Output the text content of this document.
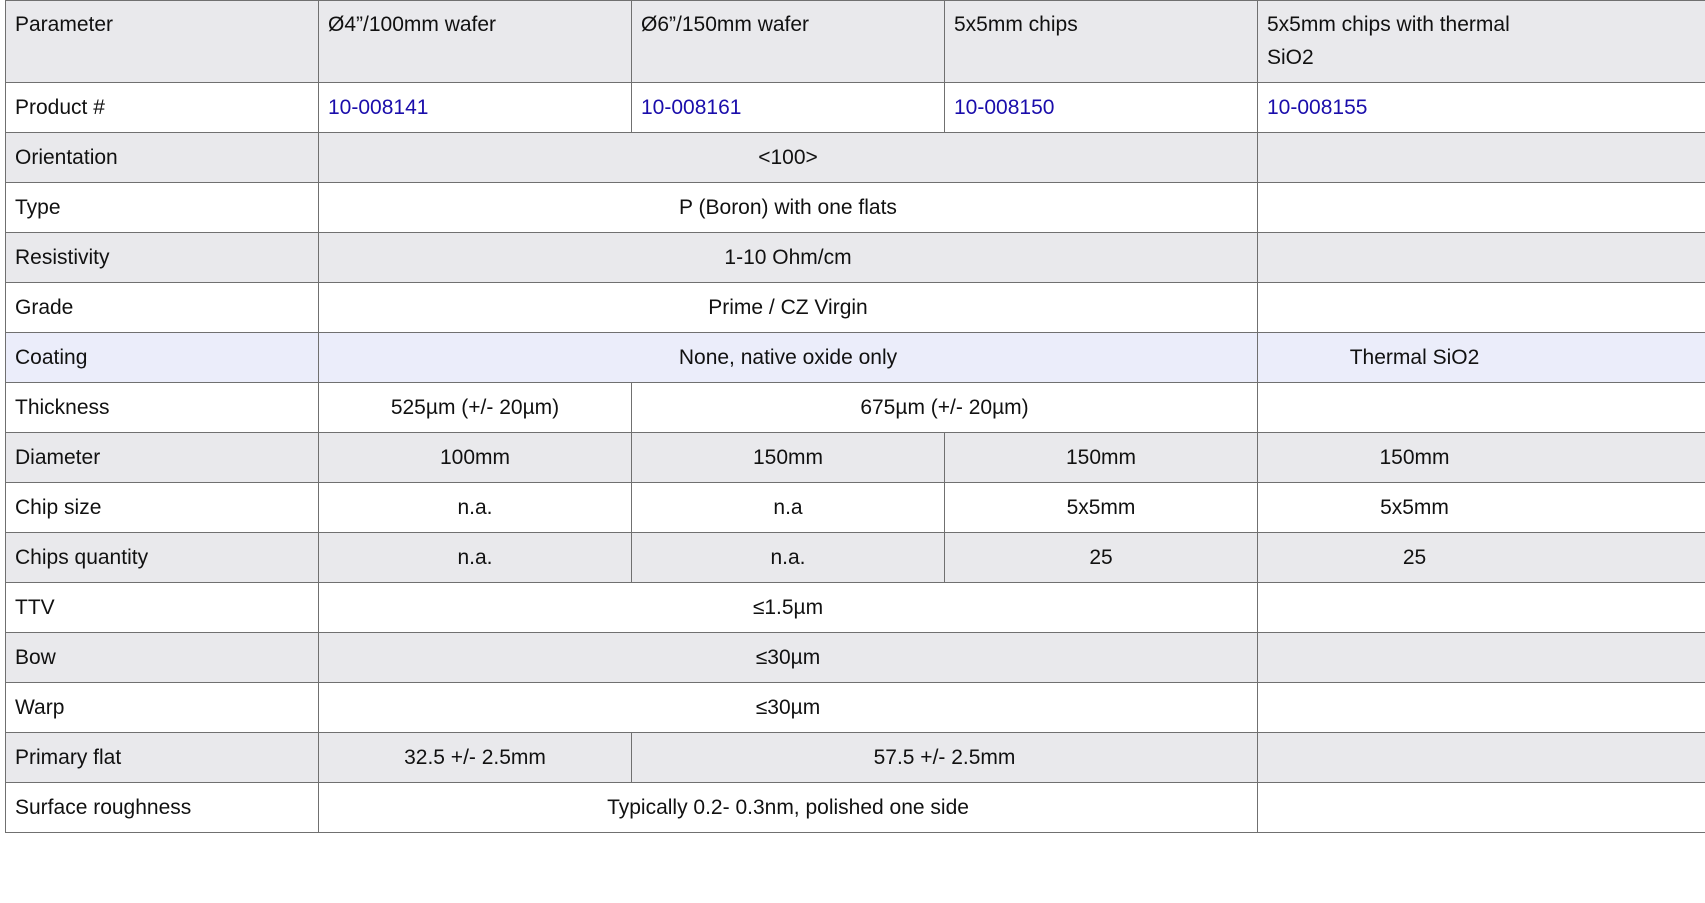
Parameter	Ø4”/100mm wafer	Ø6”/150mm wafer	5x5mm chips	5x5mm chips with thermal SiO2

Product #	10-008141	10-008161	10-008150	10-008155
Orientation	<100>			
Type	P (Boron) with one flats			
Resistivity	1-10 Ohm/cm			
Grade	Prime / CZ Virgin			
Coating	None, native oxide only			Thermal SiO2

Thickness	525µm (+/- 20µm)	675µm (+/- 20µm)		
Diameter	100mm	150mm	150mm	150mm

Chip size	n.a.	n.a	5x5mm	5x5mm

Chips quantity	n.a.	n.a.	25	25

TTV	≤1.5µm			
Bow	≤30µm			
Warp	≤30µm			
Primary flat	32.5 +/- 2.5mm	57.5 +/- 2.5mm		
Surface roughness	Typically 0.2- 0.3nm, polished one side			
